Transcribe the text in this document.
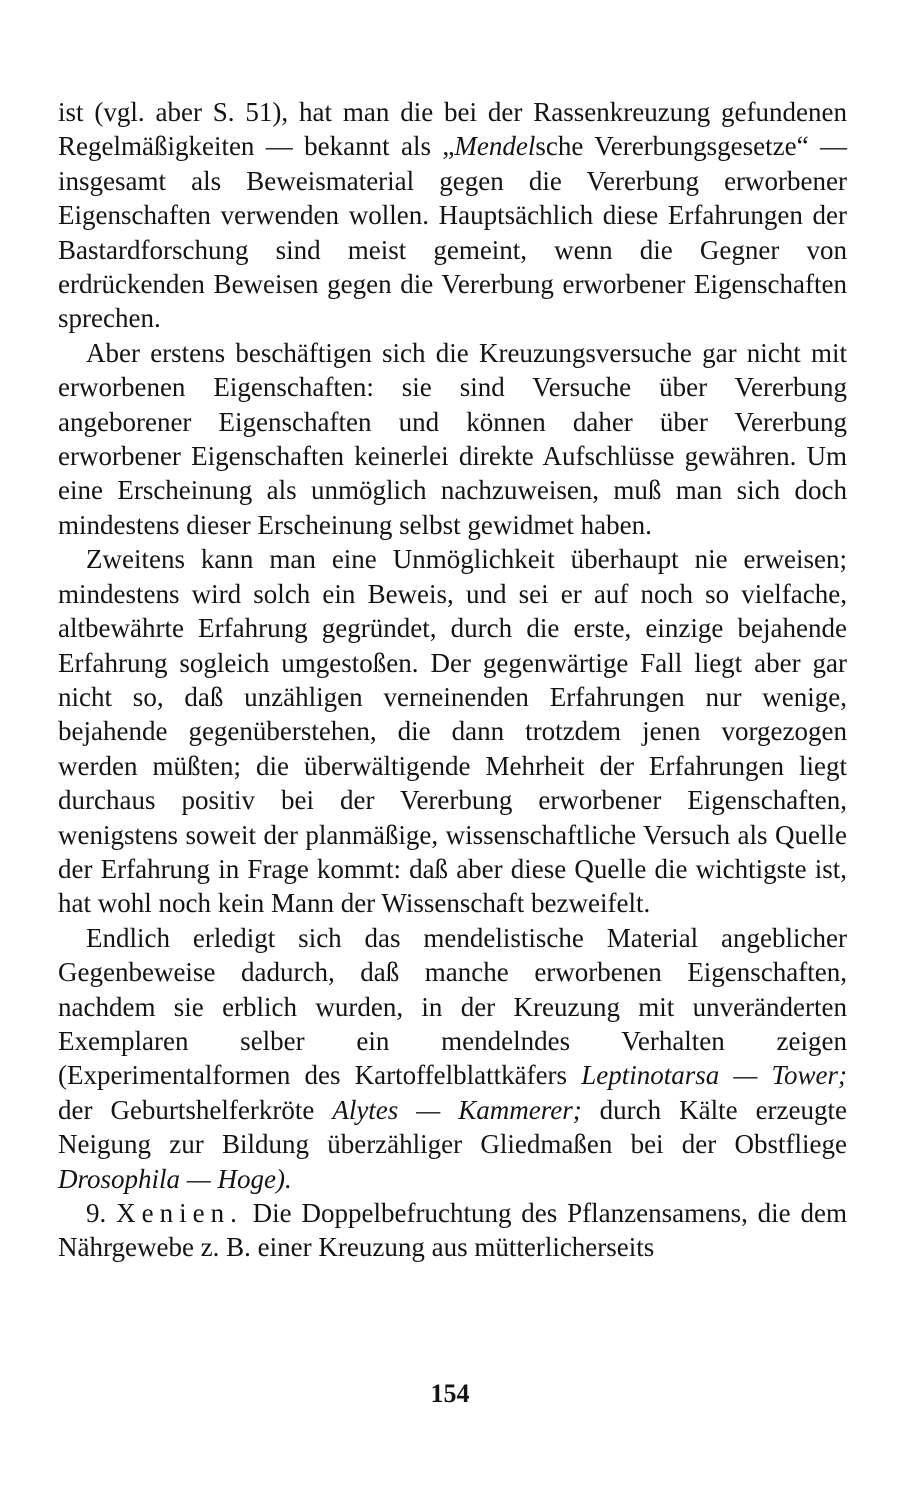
ist (vgl. aber S. 51), hat man die bei der Rassenkreuzung gefundenen Regelmäßigkeiten — bekannt als „Mendelsche Vererbungsgesetze“ — insgesamt als Beweismaterial gegen die Vererbung erworbener Eigenschaften verwenden wollen. Hauptsächlich diese Erfahrungen der Bastardforschung sind meist gemeint, wenn die Gegner von erdrückenden Beweisen gegen die Vererbung erworbener Eigenschaften sprechen.

Aber erstens beschäftigen sich die Kreuzungsversuche gar nicht mit erworbenen Eigenschaften: sie sind Versuche über Vererbung angeborener Eigenschaften und können daher über Vererbung erworbener Eigenschaften keinerlei direkte Aufschlüsse gewähren. Um eine Erscheinung als unmöglich nachzuweisen, muß man sich doch mindestens dieser Erscheinung selbst gewidmet haben.

Zweitens kann man eine Unmöglichkeit überhaupt nie erweisen; mindestens wird solch ein Beweis, und sei er auf noch so vielfache, altbewährte Erfahrung gegründet, durch die erste, einzige bejahende Erfahrung sogleich umgestoßen. Der gegenwärtige Fall liegt aber gar nicht so, daß unzähligen verneinenden Erfahrungen nur wenige, bejahende gegenüberstehen, die dann trotzdem jenen vorgezogen werden müßten; die überwältigende Mehrheit der Erfahrungen liegt durchaus positiv bei der Vererbung erworbener Eigenschaften, wenigstens soweit der planmäßige, wissenschaftliche Versuch als Quelle der Erfahrung in Frage kommt: daß aber diese Quelle die wichtigste ist, hat wohl noch kein Mann der Wissenschaft bezweifelt.

Endlich erledigt sich das mendelistische Material angeblicher Gegenbeweise dadurch, daß manche erworbenen Eigenschaften, nachdem sie erblich wurden, in der Kreuzung mit unveränderten Exemplaren selber ein mendelndes Verhalten zeigen (Experimentalformen des Kartoffelblattkäfers Leptinotarsa — Tower; der Geburtshelferkröte Alytes — Kammerer; durch Kälte erzeugte Neigung zur Bildung überzähliger Gliedmaßen bei der Obstfliege Drosophila — Hoge).

9. Xenien. Die Doppelbefruchtung des Pflanzensamens, die dem Nährgewebe z. B. einer Kreuzung aus mütterlicherseits

154
